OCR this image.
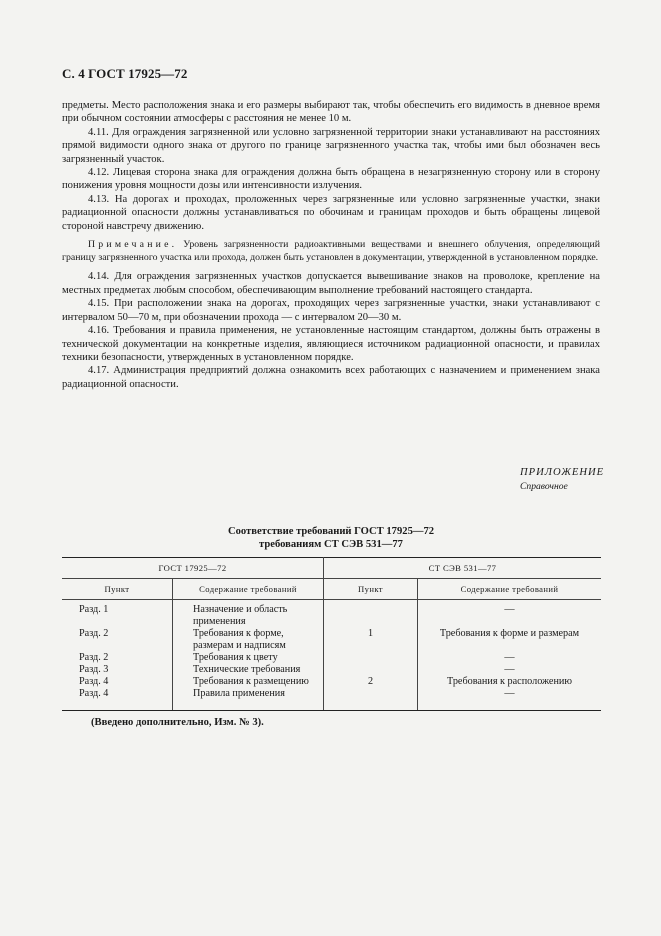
С. 4 ГОСТ 17925—72

предметы. Место расположения знака и его размеры выбирают так, чтобы обеспечить его видимость в дневное время при обычном состоянии атмосферы с расстояния не менее 10 м.

4.11. Для ограждения загрязненной или условно загрязненной территории знаки устанавливают на расстояниях прямой видимости одного знака от другого по границе загрязненного участка так, чтобы ими был обозначен весь загрязненный участок.

4.12. Лицевая сторона знака для ограждения должна быть обращена в незагрязненную сторону или в сторону понижения уровня мощности дозы или интенсивности излучения.

4.13. На дорогах и проходах, проложенных через загрязненные или условно загрязненные участки, знаки радиационной опасности должны устанавливаться по обочинам и границам проходов и быть обращены лицевой стороной навстречу движению.

Примечание. Уровень загрязненности радиоактивными веществами и внешнего облучения, определяющий границу загрязненного участка или прохода, должен быть установлен в документации, утвержденной в установленном порядке.

4.14. Для ограждения загрязненных участков допускается вывешивание знаков на проволоке, крепление на местных предметах любым способом, обеспечивающим выполнение требований настоящего стандарта.

4.15. При расположении знака на дорогах, проходящих через загрязненные участки, знаки устанавливают с интервалом 50—70 м, при обозначении прохода — с интервалом 20—30 м.

4.16. Требования и правила применения, не установленные настоящим стандартом, должны быть отражены в технической документации на конкретные изделия, являющиеся источником радиационной опасности, и правилах техники безопасности, утвержденных в установленном порядке.

4.17. Администрация предприятий должна ознакомить всех работающих с назначением и применением знака радиационной опасности.

ПРИЛОЖЕНИЕ
Справочное
Соответствие требований ГОСТ 17925—72
требованиям СТ СЭВ 531—77
ГОСТ 17925—72		СТ СЭВ 531—77	
Пункт	Содержание требований	Пункт	Содержание требований
Разд. 1	Назначение и область применения		—
Разд. 2	Требования к форме, размерам и надписям	1	Требования к форме и размерам
Разд. 2	Требования к цвету		—
Разд. 3	Технические требования		—
Разд. 4	Требования к размещению	2	Требования к расположению
Разд. 4	Правила применения		—
(Введено дополнительно, Изм. № 3).
